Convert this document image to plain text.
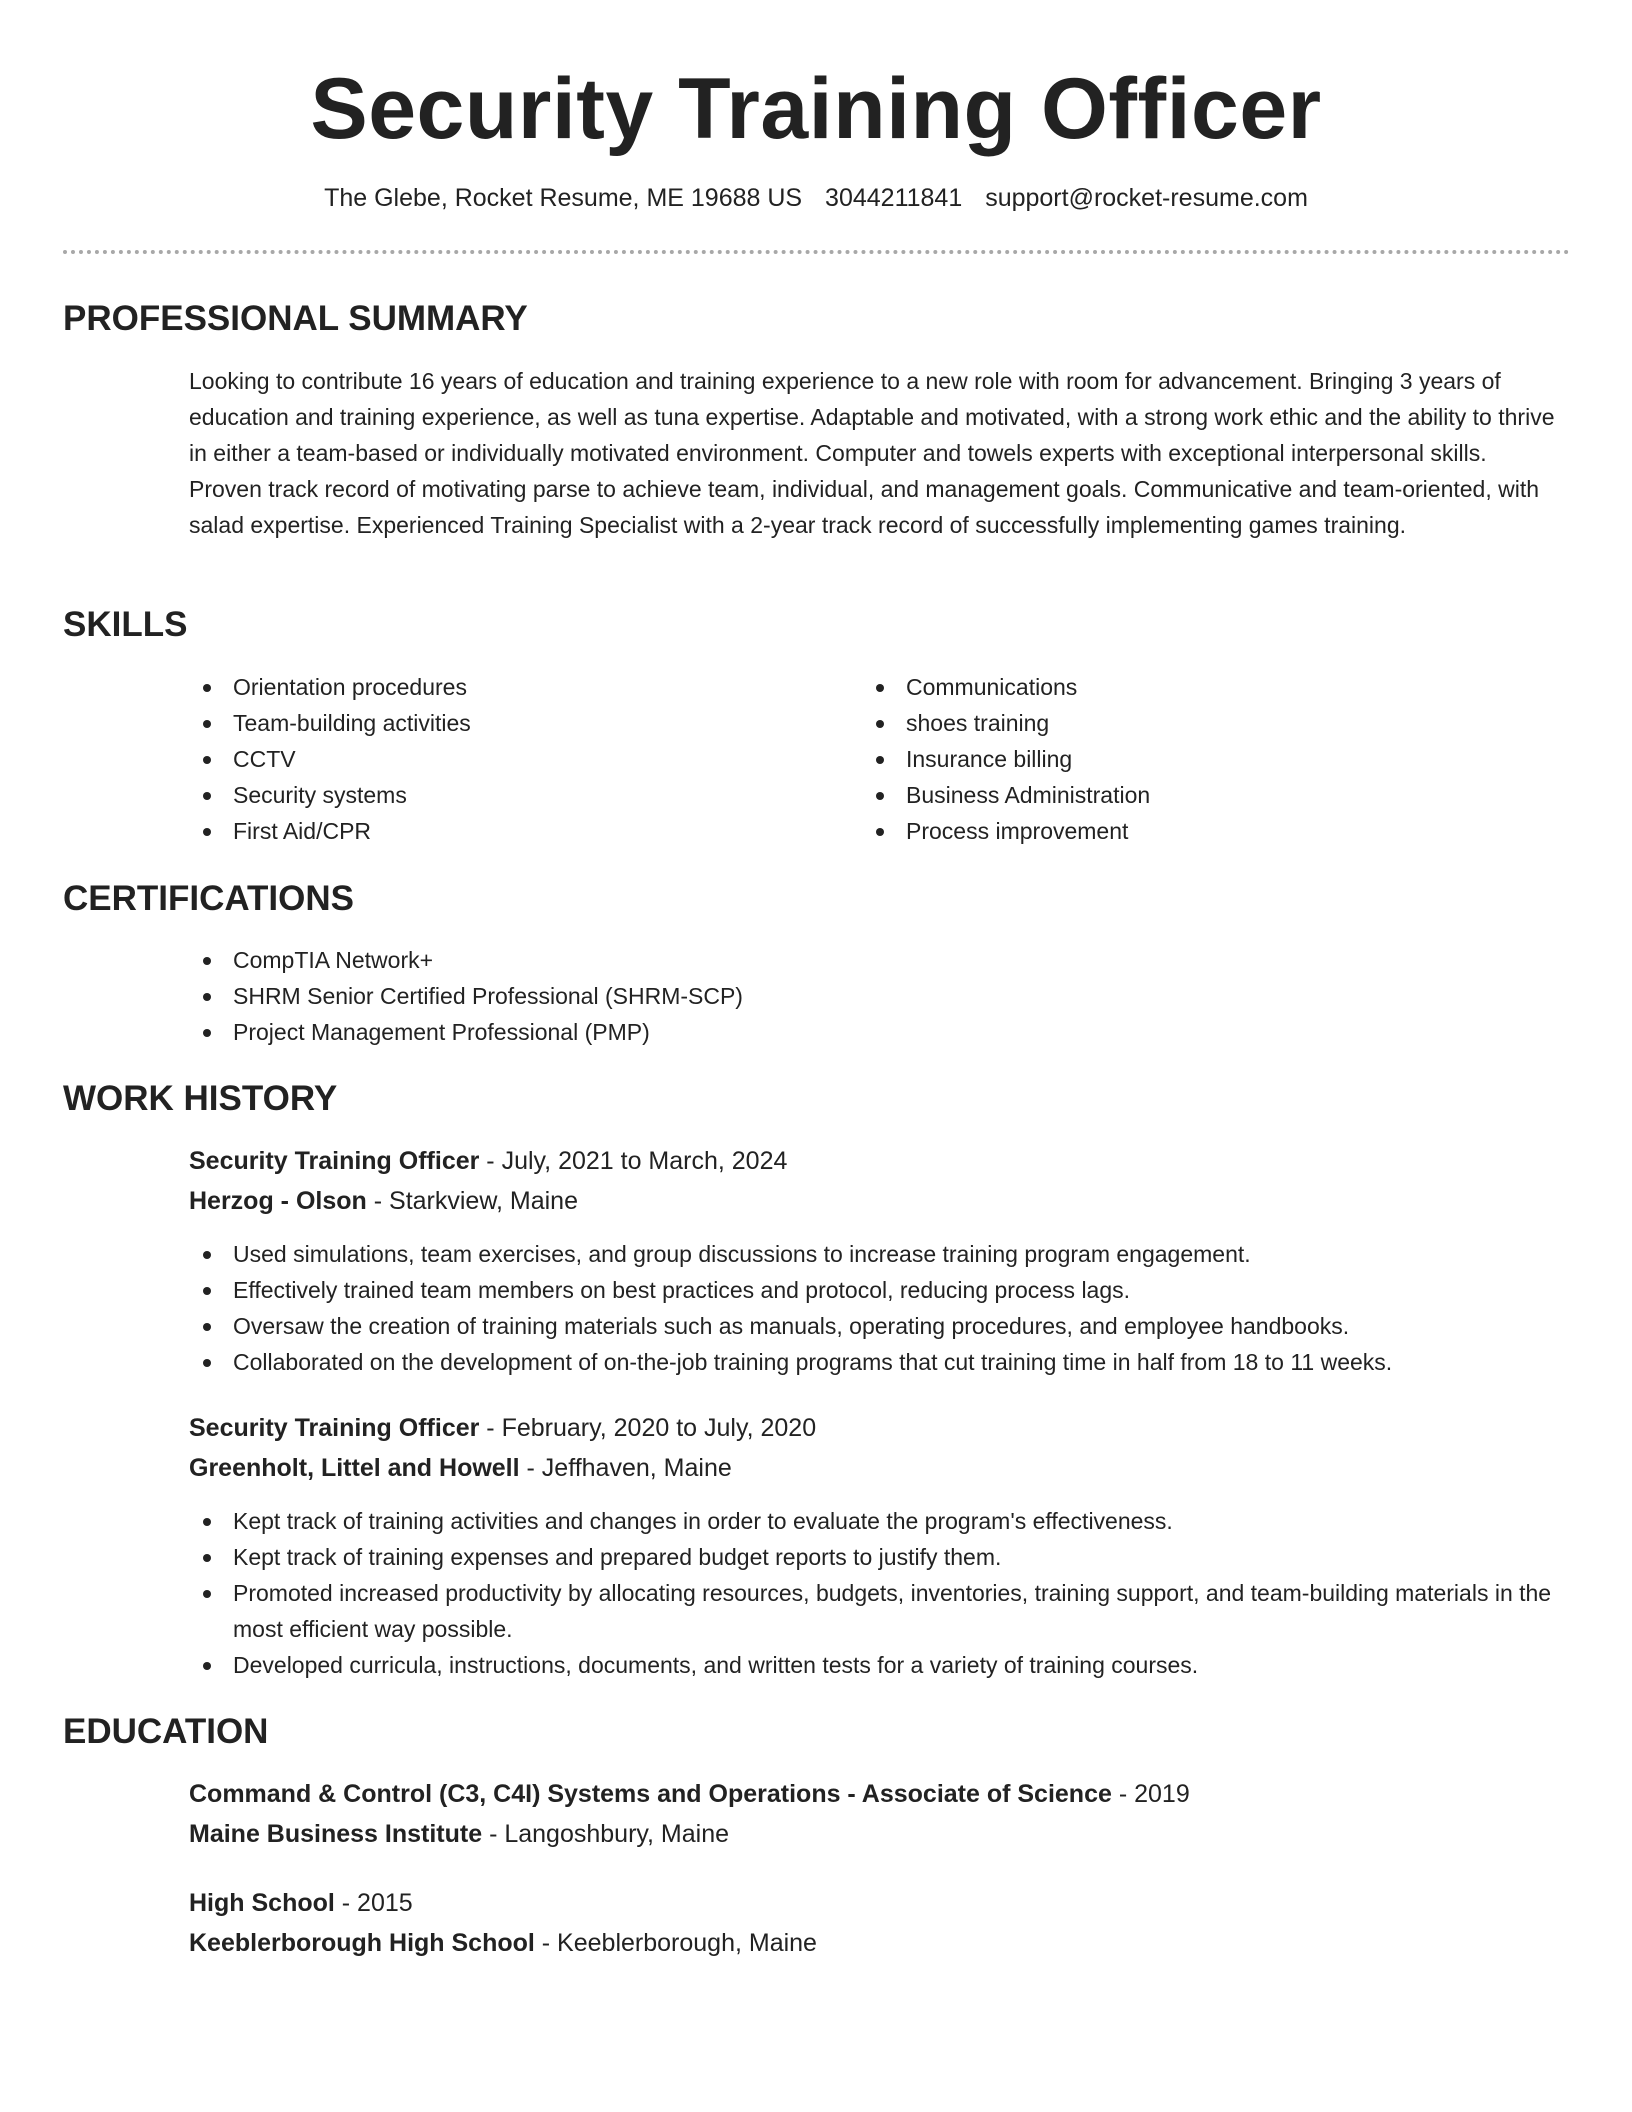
Security Training Officer
The Glebe, Rocket Resume, ME 19688 US 3044211841 support@rocket-resume.com
PROFESSIONAL SUMMARY
Looking to contribute 16 years of education and training experience to a new role with room for advancement. Bringing 3 years of education and training experience, as well as tuna expertise. Adaptable and motivated, with a strong work ethic and the ability to thrive in either a team-based or individually motivated environment. Computer and towels experts with exceptional interpersonal skills. Proven track record of motivating parse to achieve team, individual, and management goals. Communicative and team-oriented, with salad expertise. Experienced Training Specialist with a 2-year track record of successfully implementing games training.
SKILLS
Orientation procedures
Team-building activities
CCTV
Security systems
First Aid/CPR
Communications
shoes training
Insurance billing
Business Administration
Process improvement
CERTIFICATIONS
CompTIA Network+
SHRM Senior Certified Professional (SHRM-SCP)
Project Management Professional (PMP)
WORK HISTORY
Security Training Officer - July, 2021 to March, 2024
Herzog - Olson - Starkview, Maine
Used simulations, team exercises, and group discussions to increase training program engagement.
Effectively trained team members on best practices and protocol, reducing process lags.
Oversaw the creation of training materials such as manuals, operating procedures, and employee handbooks.
Collaborated on the development of on-the-job training programs that cut training time in half from 18 to 11 weeks.
Security Training Officer - February, 2020 to July, 2020
Greenholt, Littel and Howell - Jeffhaven, Maine
Kept track of training activities and changes in order to evaluate the program's effectiveness.
Kept track of training expenses and prepared budget reports to justify them.
Promoted increased productivity by allocating resources, budgets, inventories, training support, and team-building materials in the most efficient way possible.
Developed curricula, instructions, documents, and written tests for a variety of training courses.
EDUCATION
Command & Control (C3, C4I) Systems and Operations - Associate of Science - 2019
Maine Business Institute - Langoshbury, Maine
High School - 2015
Keeblerborough High School - Keeblerborough, Maine
